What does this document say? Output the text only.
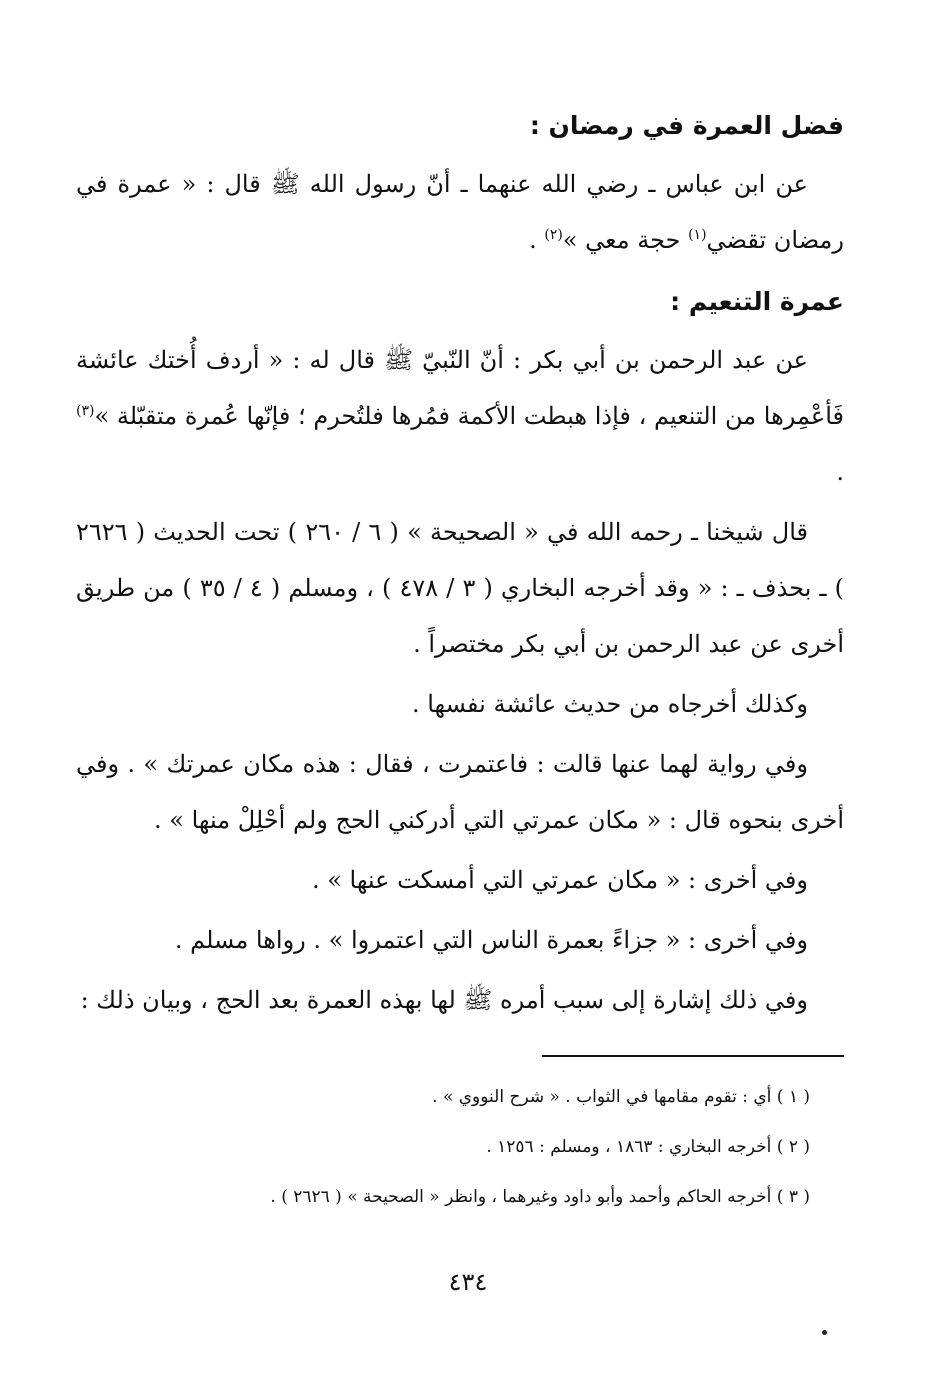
فضل العمرة في رمضان :

عن ابن عباس ـ رضي الله عنهما ـ أنّ رسول الله ﷺ قال : « عمرة في رمضان تقضي$^{(١)}$ حجة معي »$^{(٢)}$ .

عمرة التنعيم :

عن عبد الرحمن بن أبي بكر : أنّ النّبيّ ﷺ قال له : « أردف أُختك عائشة فَأعْمِرها من التنعيم ، فإذا هبطت الأكمة فمُرها فلتُحرم ؛ فإنّها عُمرة متقبّلة »$^{(٣)}$ .

قال شيخنا ـ رحمه الله في « الصحيحة » ( ٦ / ٢٦٠ ) تحت الحديث ( ٢٦٢٦ ) ـ بحذف ـ : « وقد أخرجه البخاري ( ٣ / ٤٧٨ ) ، ومسلم ( ٤ / ٣٥ ) من طريق أخرى عن عبد الرحمن بن أبي بكر مختصراً .

وكذلك أخرجاه من حديث عائشة نفسها .

وفي رواية لهما عنها قالت : فاعتمرت ، فقال : هذه مكان عمرتك » . وفي أخرى بنحوه قال : « مكان عمرتي التي أدركني الحج ولم أحْلِلْ منها » .

وفي أخرى : « مكان عمرتي التي أمسكت عنها » .

وفي أخرى : « جزاءً بعمرة الناس التي اعتمروا » . رواها مسلم .

وفي ذلك إشارة إلى سبب أمره ﷺ لها بهذه العمرة بعد الحج ، وبيان ذلك :

( ١ ) أي : تقوم مقامها في الثواب . « شرح النووي » .

( ٢ ) أخرجه البخاري : ١٨٦٣ ، ومسلم : ١٢٥٦ .

( ٣ ) أخرجه الحاكم وأحمد وأبو داود وغيرهما ، وانظر « الصحيحة » ( ٢٦٢٦ ) .

٤٣٤
